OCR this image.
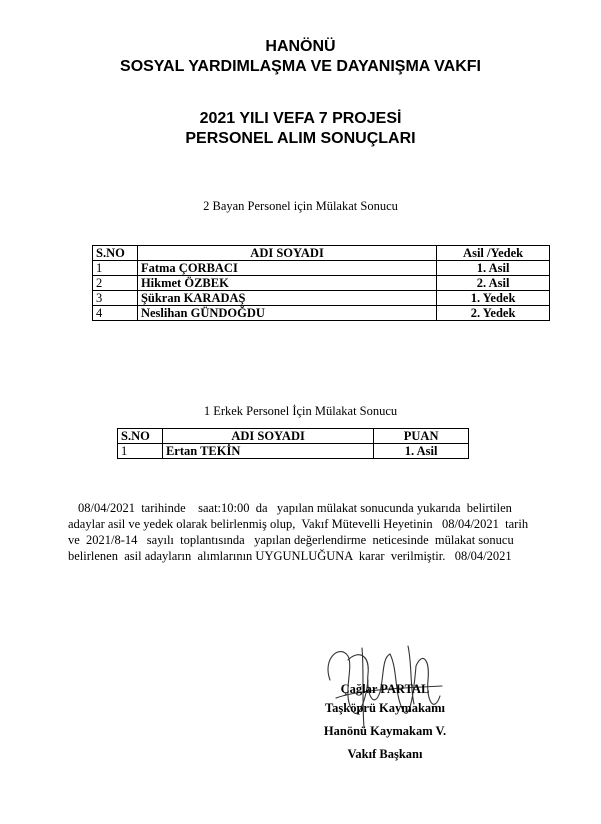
HANÖNÜ
SOSYAL YARDIMLAŞMA VE DAYANIŞMA VAKFI
2021 YILI VEFA 7 PROJESİ
PERSONEL ALIM SONUÇLARI
2 Bayan Personel için Mülakat Sonucu
S.NO	ADI SOYADI	Asil /Yedek
1	Fatma ÇORBACI	1. Asil
2	Hikmet ÖZBEK	2. Asil
3	Şükran KARADAŞ	1. Yedek
4	Neslihan GÜNDOĞDU	2. Yedek
1 Erkek Personel İçin Mülakat Sonucu
S.NO	ADI SOYADI	PUAN
1	Ertan TEKİN	1. Asil
08/04/2021  tarihinde    saat:10:00  da   yapılan mülakat sonucunda yukarıda  belirtilen
adaylar asil ve yedek olarak belirlenmiş olup,  Vakıf Mütevelli Heyetinin   08/04/2021  tarih
ve  2021/8-14   sayılı  toplantısında   yapılan değerlendirme  neticesinde  mülakat sonucu
belirlenen  asil adayların  alımlarının UYGUNLUĞUNA  karar  verilmiştir.   08/04/2021
Çağlar PARTAL
Taşköprü Kaymakamı
Hanönü Kaymakam V.
Vakıf Başkanı
